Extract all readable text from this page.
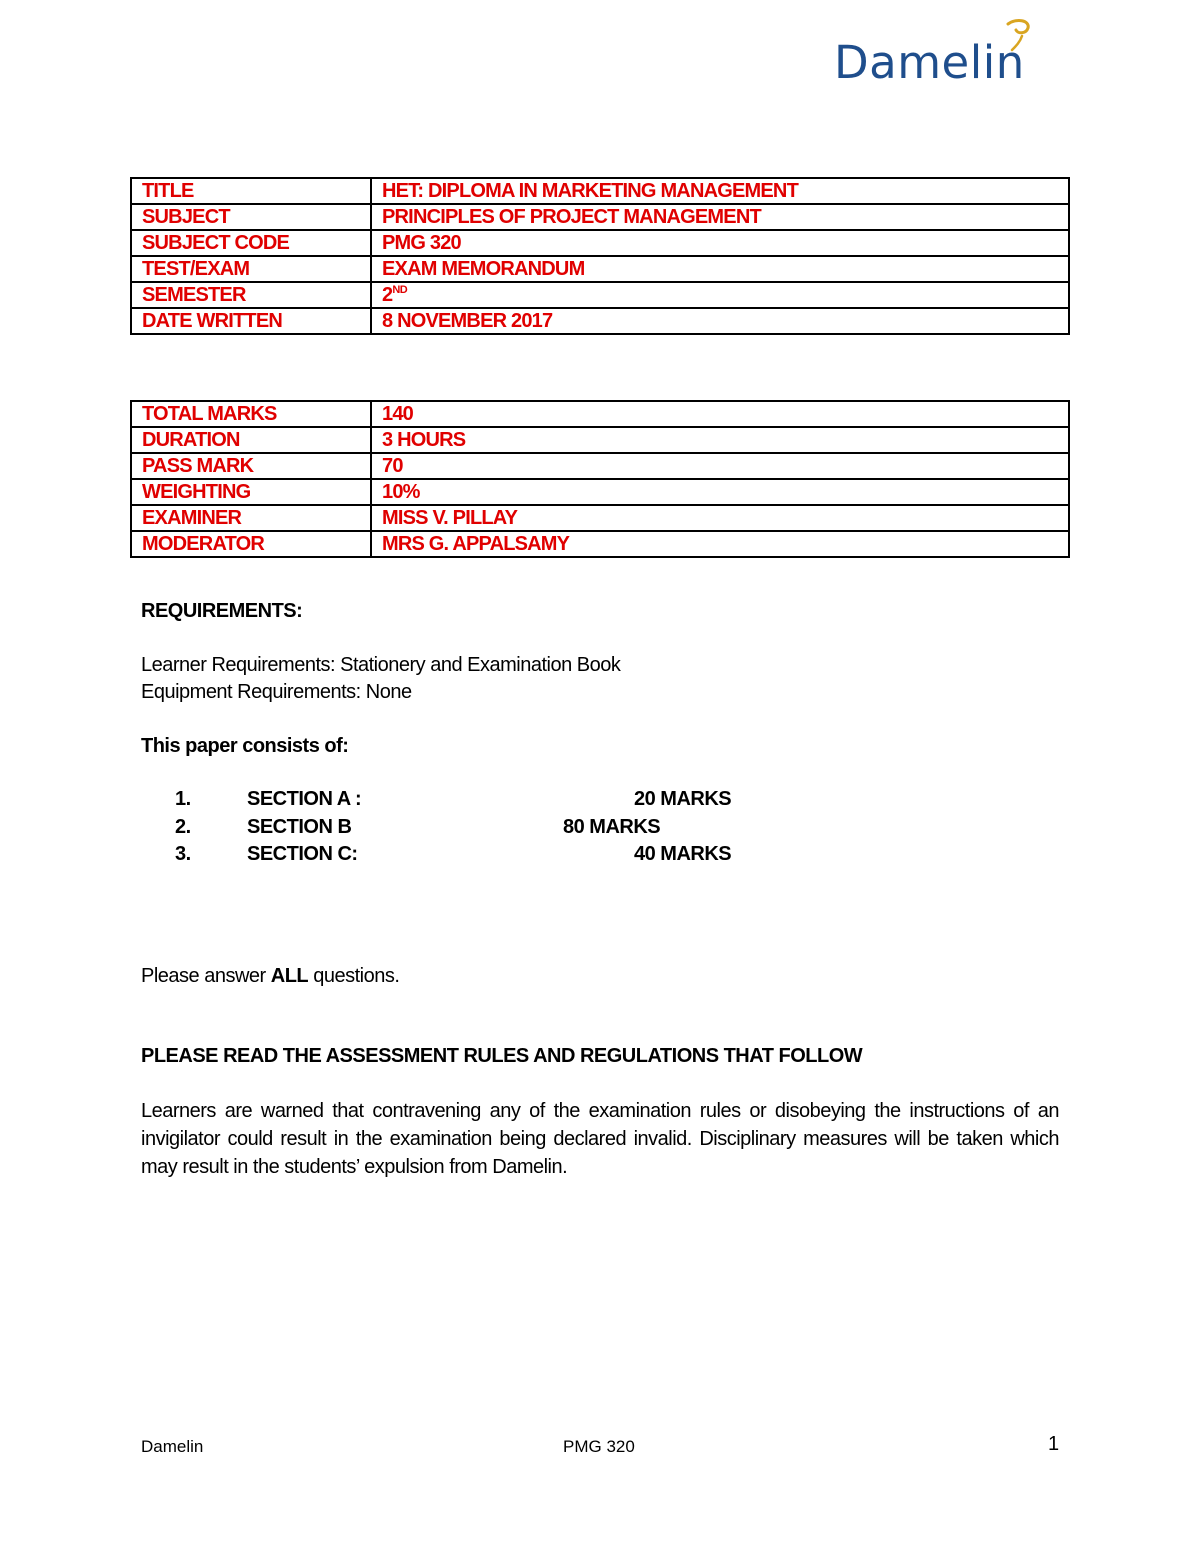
Damelin
TITLE	HET: DIPLOMA IN MARKETING MANAGEMENT
SUBJECT	PRINCIPLES OF PROJECT MANAGEMENT
SUBJECT CODE	PMG 320
TEST/EXAM	EXAM MEMORANDUM
SEMESTER	2ND
DATE WRITTEN	8 NOVEMBER 2017
TOTAL MARKS	140
DURATION	3 HOURS
PASS MARK	70
WEIGHTING	10%
EXAMINER	MISS V. PILLAY
MODERATOR	MRS G. APPALSAMY
REQUIREMENTS:
Learner Requirements: Stationery and Examination Book
Equipment Requirements: None
This paper consists of:
1.	SECTION A :	20 MARKS
2.	SECTION B	80 MARKS
3.	SECTION C:	40 MARKS
Please answer ALL questions.
PLEASE READ THE ASSESSMENT RULES AND REGULATIONS THAT FOLLOW
Learners are warned that contravening any of the examination rules or disobeying the instructions of an invigilator could result in the examination being declared invalid. Disciplinary measures will be taken which may result in the students’ expulsion from Damelin.
Damelin	PMG 320	1
